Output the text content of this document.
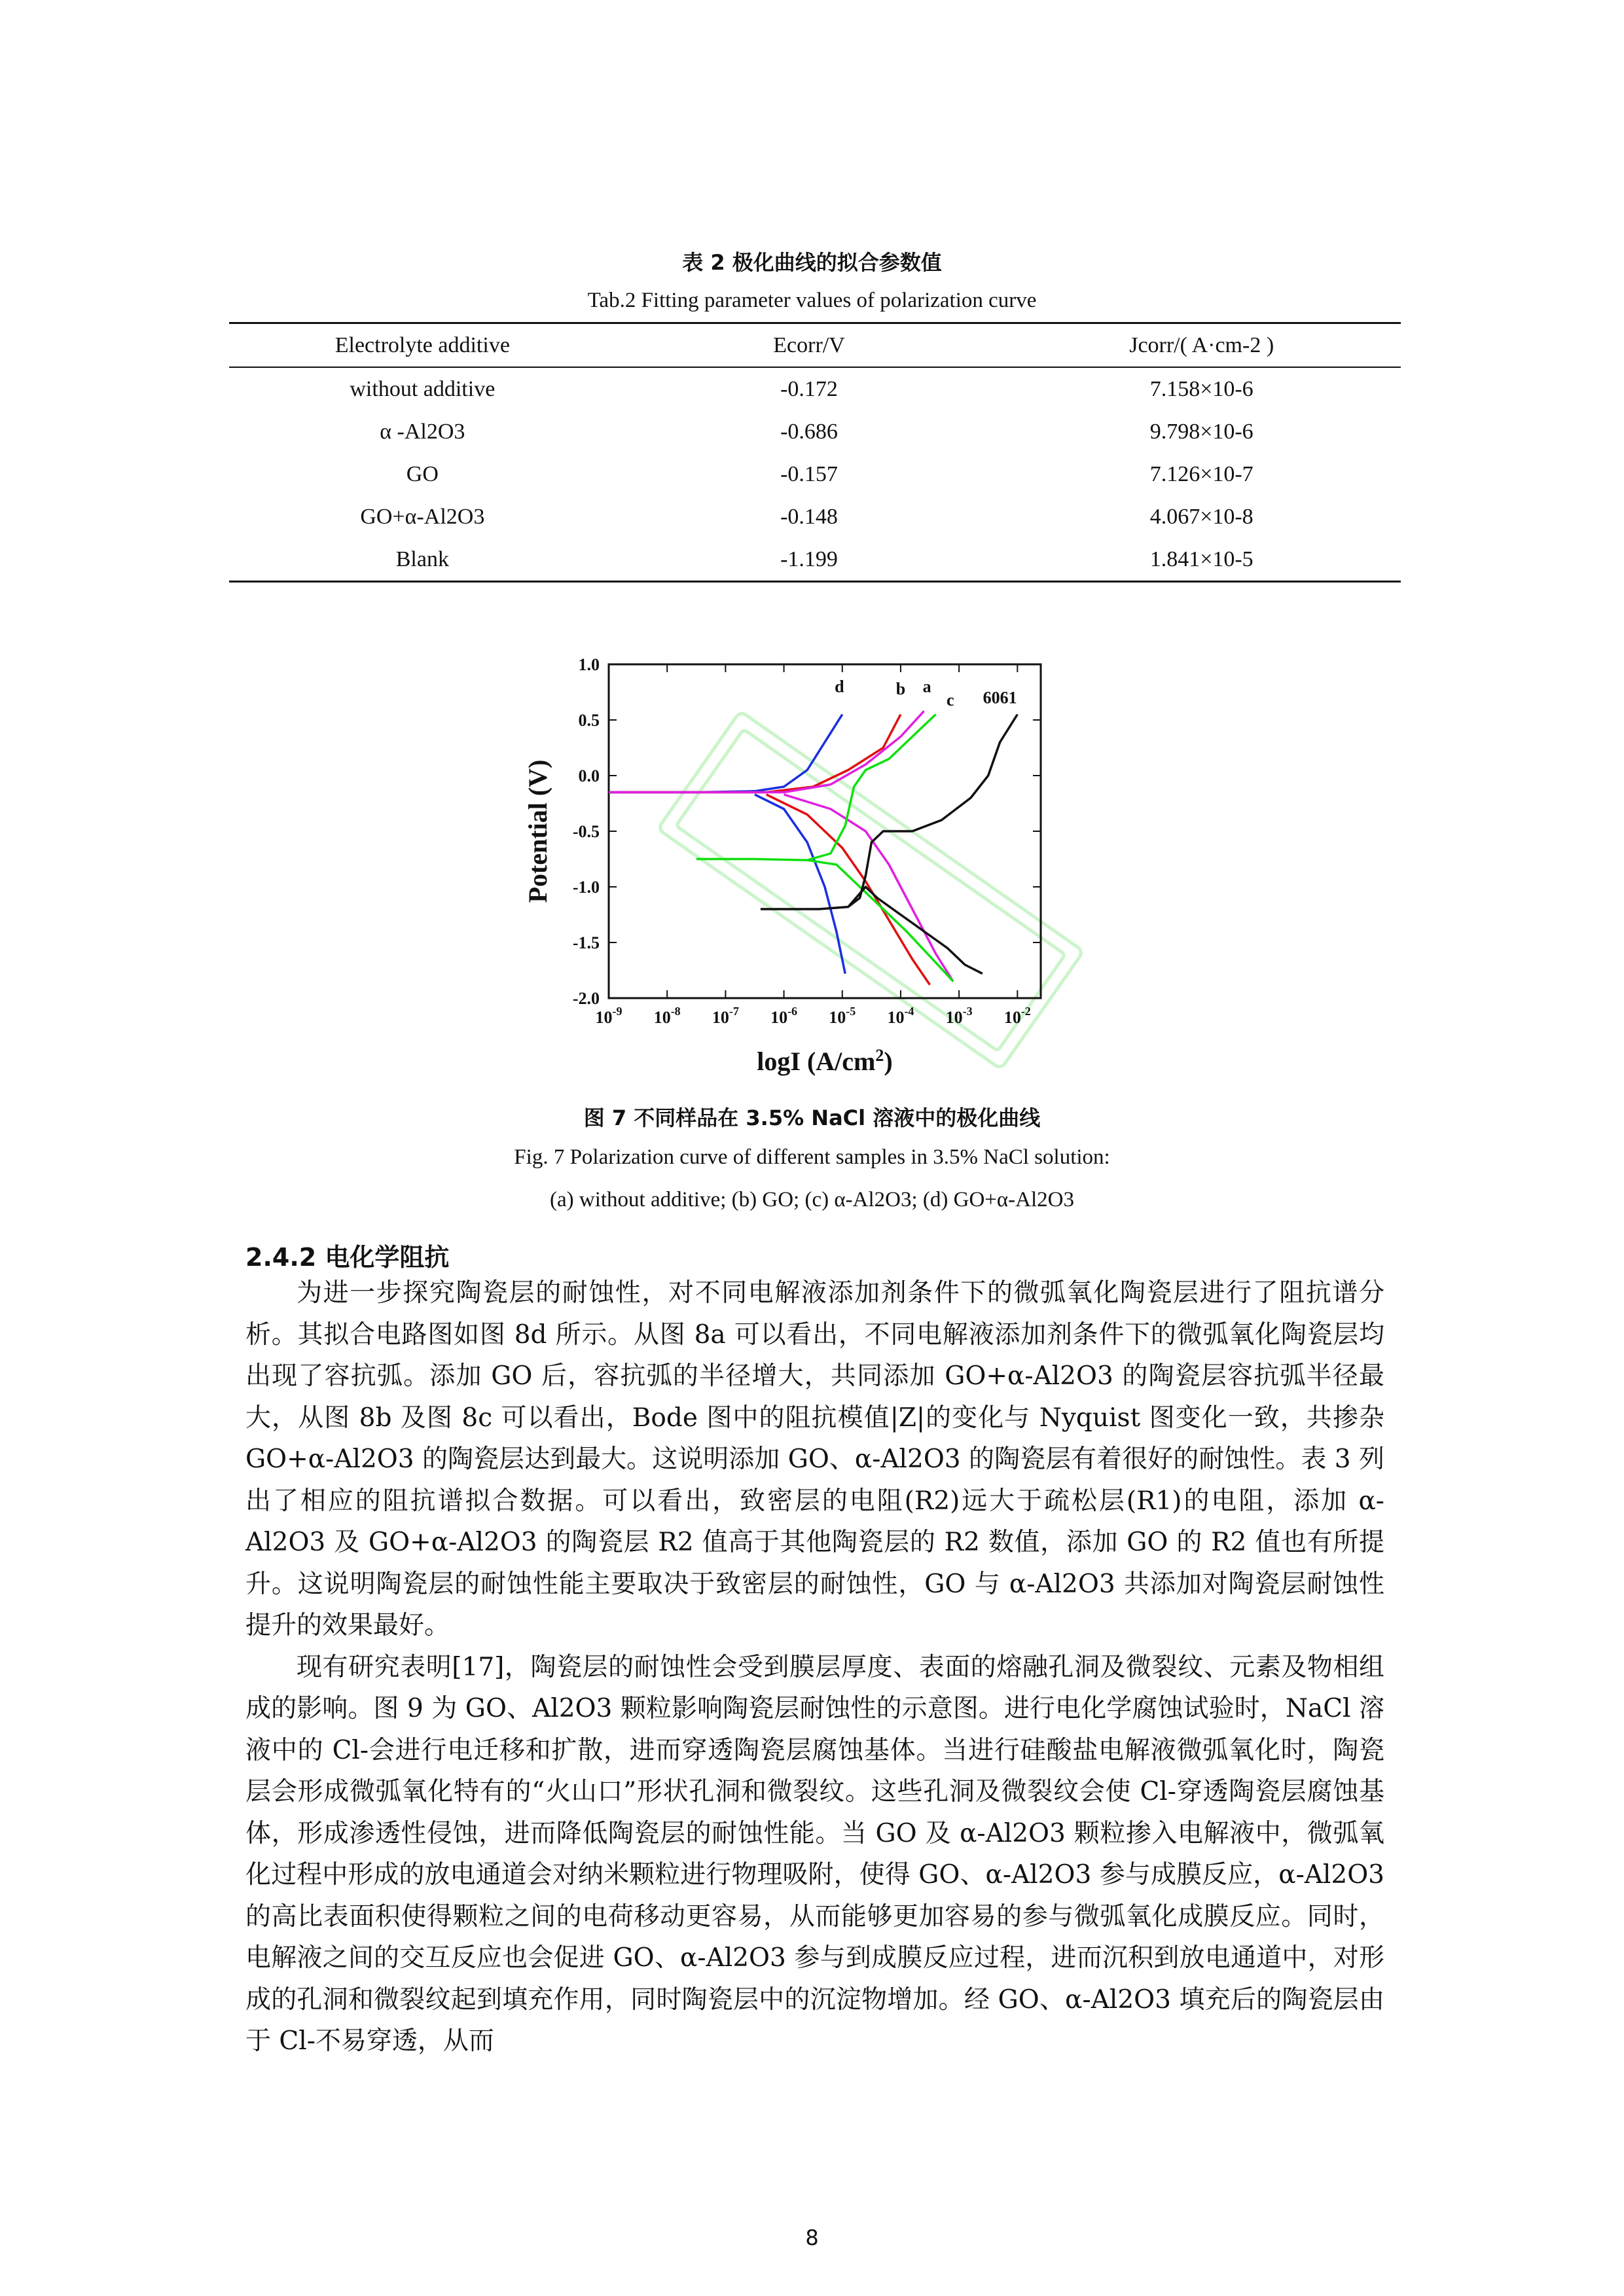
表 2 极化曲线的拟合参数值
Tab.2 Fitting parameter values of polarization curve
Electrolyte additive	Ecorr/V	Jcorr/( A·cm-2 )
without additive	-0.172	7.158×10-6
α -Al2O3	-0.686	9.798×10-6
GO	-0.157	7.126×10-7
GO+α-Al2O3	-0.148	4.067×10-8
Blank	-1.199	1.841×10-5
1.0
0.5
0.0
-0.5
-1.0
-1.5
-2.0
$10^{-9}$ $10^{-8}$ $10^{-7}$ $10^{-6}$ $10^{-5}$ $10^{-4}$ $10^{-3}$ $10^{-2}$
logI $(A/cm^2)$
Potential (V)
d	b a
c 6061
图 7 不同样品在 3.5% NaCl 溶液中的极化曲线
Fig. 7 Polarization curve of different samples in 3.5% NaCl solution:
(a) without additive; (b) GO; (c) α-Al2O3; (d) GO+α-Al2O3
2.4.2 电化学阻抗

为进一步探究陶瓷层的耐蚀性，对不同电解液添加剂条件下的微弧氧化陶瓷层进行了阻抗谱分析。其拟合电路图如图 8d 所示。从图 8a 可以看出，不同电解液添加剂条件下的微弧氧化陶瓷层均出现了容抗弧。添加 GO 后，容抗弧的半径增大，共同添加 GO+α-Al2O3 的陶瓷层容抗弧半径最大，从图 8b 及图 8c 可以看出，Bode 图中的阻抗模值|Z|的变化与 Nyquist 图变化一致，共掺杂 GO+α-Al2O3 的陶瓷层达到最大。这说明添加 GO、α-Al2O3 的陶瓷层有着很好的耐蚀性。表 3 列出了相应的阻抗谱拟合数据。可以看出，致密层的电阻(R2)远大于疏松层(R1)的电阻，添加 α-Al2O3 及 GO+α-Al2O3 的陶瓷层 R2 值高于其他陶瓷层的 R2 数值，添加 GO 的 R2 值也有所提升。这说明陶瓷层的耐蚀性能主要取决于致密层的耐蚀性，GO 与 α-Al2O3 共添加对陶瓷层耐蚀性提升的效果最好。

现有研究表明[17]，陶瓷层的耐蚀性会受到膜层厚度、表面的熔融孔洞及微裂纹、元素及物相组成的影响。图 9 为 GO、Al2O3 颗粒影响陶瓷层耐蚀性的示意图。进行电化学腐蚀试验时，NaCl 溶液中的 Cl-会进行电迁移和扩散，进而穿透陶瓷层腐蚀基体。当进行硅酸盐电解液微弧氧化时，陶瓷层会形成微弧氧化特有的“火山口”形状孔洞和微裂纹。这些孔洞及微裂纹会使 Cl-穿透陶瓷层腐蚀基体，形成渗透性侵蚀，进而降低陶瓷层的耐蚀性能。当 GO 及 α-Al2O3 颗粒掺入电解液中，微弧氧化过程中形成的放电通道会对纳米颗粒进行物理吸附，使得 GO、α-Al2O3 参与成膜反应，α-Al2O3 的高比表面积使得颗粒之间的电荷移动更容易，从而能够更加容易的参与微弧氧化成膜反应。同时，电解液之间的交互反应也会促进 GO、α-Al2O3 参与到成膜反应过程，进而沉积到放电通道中，对形成的孔洞和微裂纹起到填充作用，同时陶瓷层中的沉淀物增加。经 GO、α-Al2O3 填充后的陶瓷层由于 Cl-不易穿透，从而

8
